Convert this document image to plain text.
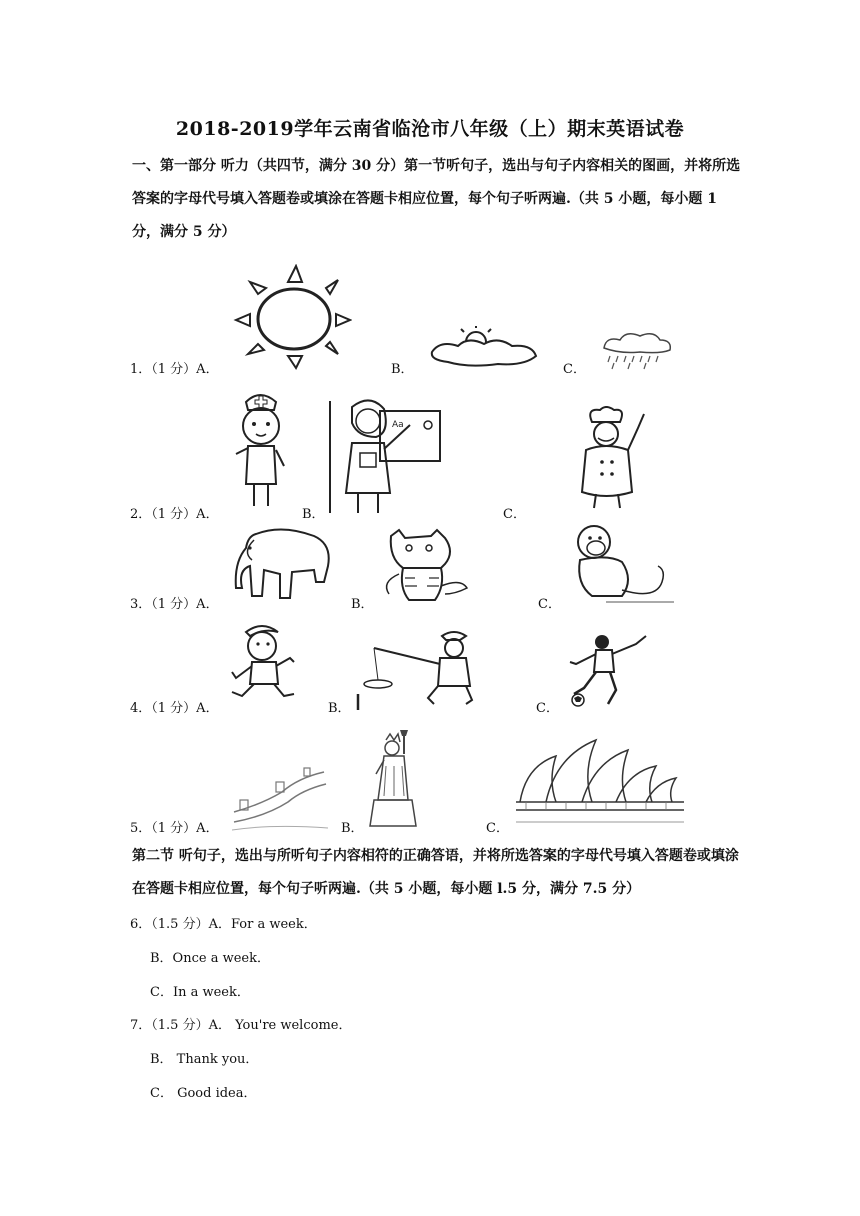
2018-2019学年云南省临沧市八年级（上）期末英语试卷
一、第一部分 听力（共四节，满分 30 分）第一节听句子，选出与句子内容相关的图画，并将所选答案的字母代号填入答题卷或填涂在答题卡相应位置，每个句子听两遍.（共 5 小题，每小题 1 分，满分 5 分）
1．（1 分）A．	B．	C．
2．（1 分）A．	B．	C．
Aa
3．（1 分）A．	B．	C．
4．（1 分）A．	B．	C．
5．（1 分）A．	B．	C．
第二节 听句子，选出与所听句子内容相符的正确答语，并将所选答案的字母代号填入答题卷或填涂在答题卡相应位置，每个句子听两遍.（共 5 小题，每小题 l.5 分，满分 7.5 分）
6．（1.5 分）A．For a week．
B．Once a week．
C．In a week．
7．（1.5 分）A． You're welcome．
B． Thank you．
C． Good idea．
